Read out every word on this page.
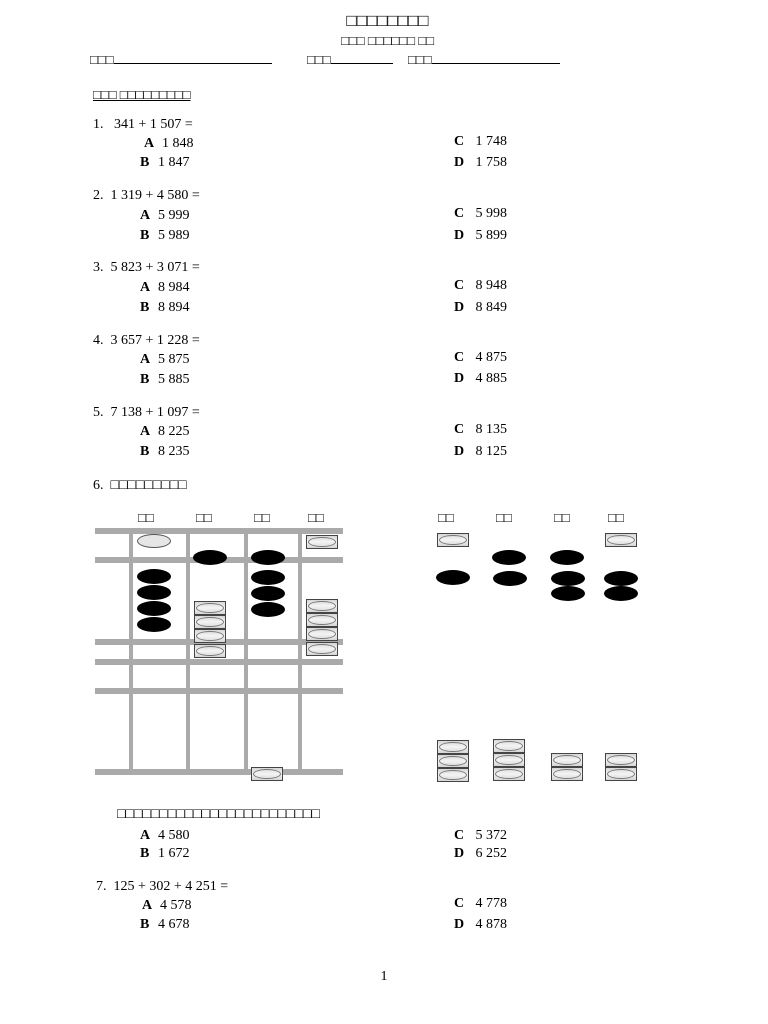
□□□□□□□□
□□□ □□□□□□ □□
□□□	□□□	□□□
□□□ □□□□□□□□□
1. 341 + 1 507 =
A 1 848
B 1 847
C 1 748
D 1 758
2. 1 319 + 4 580 =
A 5 999
B 5 989
C 5 998
D 5 899
3. 5 823 + 3 071 =
A 8 984
B 8 894
C 8 948
D 8 849
4. 3 657 + 1 228 =
A 5 875
B 5 885
C 4 875
D 4 885
5. 7 138 + 1 097 =
A 8 225
B 8 235
C 8 135
D 8 125
6. □□□□□□□□□
□□	□□	□□	□□	□□	□□	□□	□□
□□□□□□□□□□□□□□□□□□□□□□□□
A 4 580
B 1 672
C 5 372
D 6 252
7. 125 + 302 + 4 251 =
A 4 578
B 4 678
C 4 778
D 4 878
1
